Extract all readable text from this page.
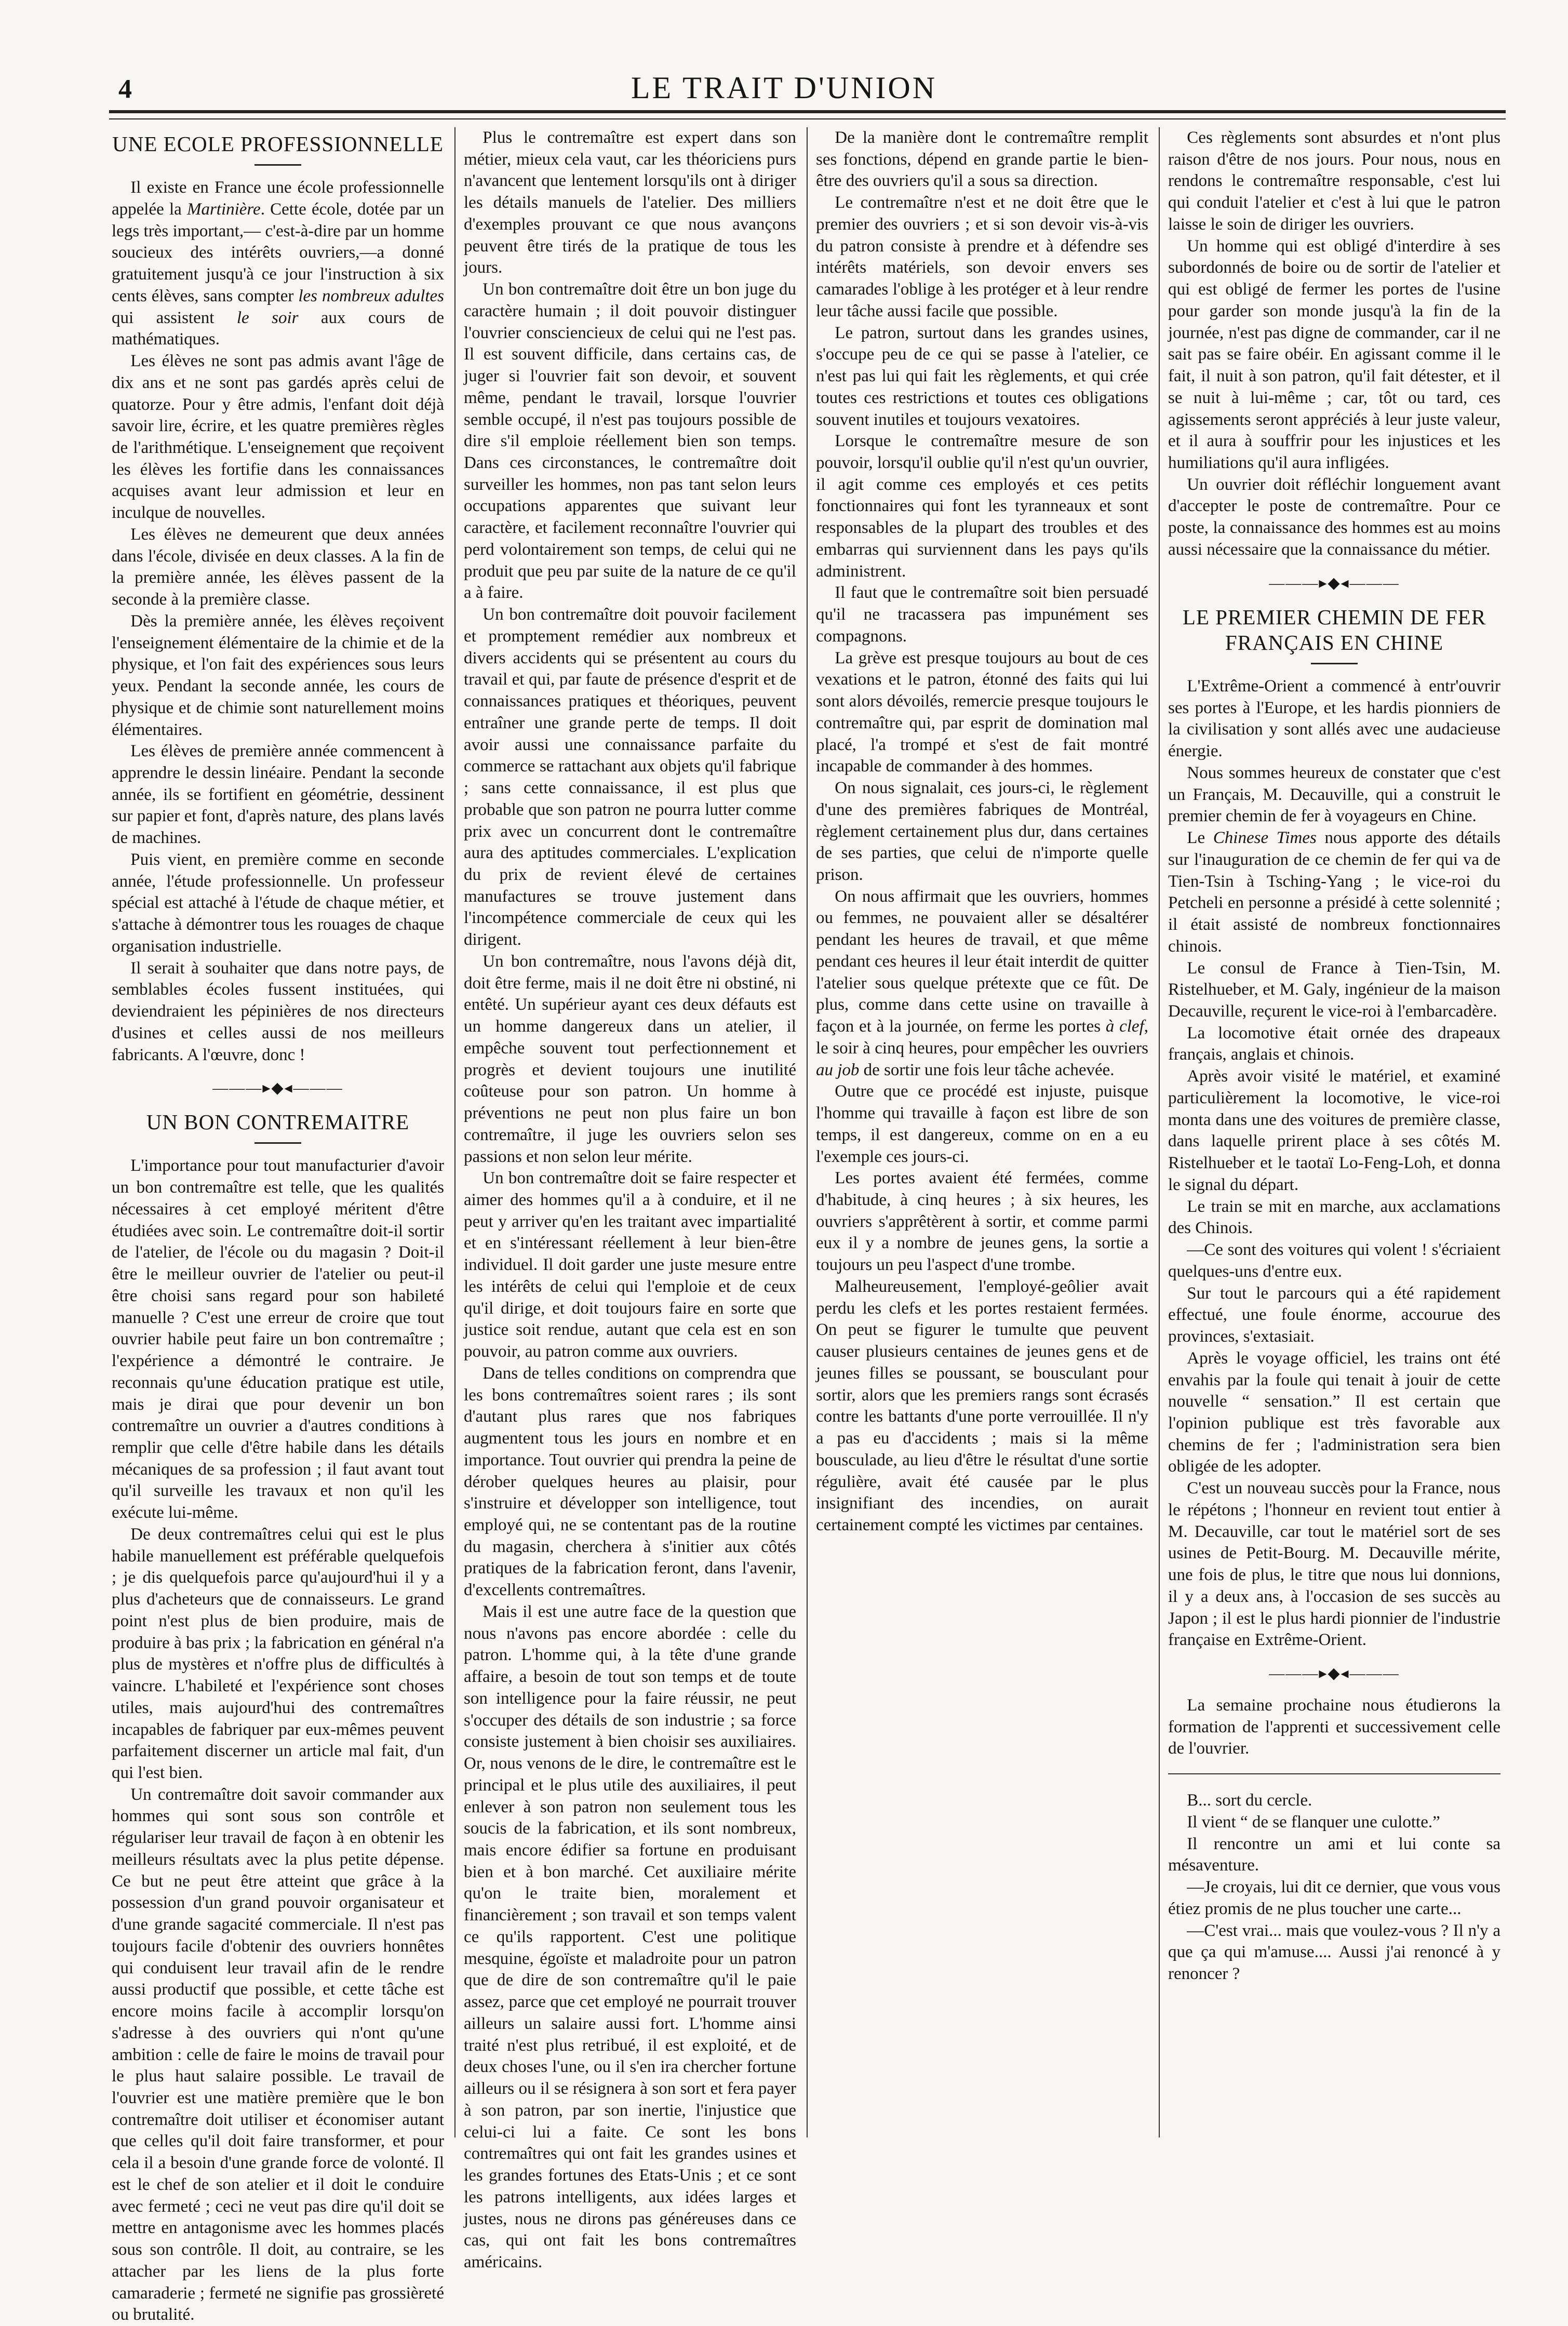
4	LE TRAIT D'UNION
UNE ECOLE PROFESSIONNELLE

Il existe en France une école professionnelle appelée la Martinière. Cette école, dotée par un legs très important,— c'est-à-dire par un homme soucieux des intérêts ouvriers,—a donné gratuitement jusqu'à ce jour l'instruction à six cents élèves, sans compter les nombreux adultes qui assistent le soir aux cours de mathématiques.

Les élèves ne sont pas admis avant l'âge de dix ans et ne sont pas gardés après celui de quatorze. Pour y être admis, l'enfant doit déjà savoir lire, écrire, et les quatre premières règles de l'arithmétique. L'enseignement que reçoivent les élèves les fortifie dans les connaissances acquises avant leur admission et leur en inculque de nouvelles.

Les élèves ne demeurent que deux années dans l'école, divisée en deux classes. A la fin de la première année, les élèves passent de la seconde à la première classe.

Dès la première année, les élèves reçoivent l'enseignement élémentaire de la chimie et de la physique, et l'on fait des expériences sous leurs yeux. Pendant la seconde année, les cours de physique et de chimie sont naturellement moins élémentaires.

Les élèves de première année commencent à apprendre le dessin linéaire. Pendant la seconde année, ils se fortifient en géométrie, dessinent sur papier et font, d'après nature, des plans lavés de machines.

Puis vient, en première comme en seconde année, l'étude professionnelle. Un professeur spécial est attaché à l'étude de chaque métier, et s'attache à démontrer tous les rouages de chaque organisation industrielle.

Il serait à souhaiter que dans notre pays, de semblables écoles fussent instituées, qui deviendraient les pépinières de nos directeurs d'usines et celles aussi de nos meilleurs fabricants. A l'œuvre, donc !

———▸◆◂———
UN BON CONTREMAITRE

L'importance pour tout manufacturier d'avoir un bon contremaître est telle, que les qualités nécessaires à cet employé méritent d'être étudiées avec soin. Le contremaître doit-il sortir de l'atelier, de l'école ou du magasin ? Doit-il être le meilleur ouvrier de l'atelier ou peut-il être choisi sans regard pour son habileté manuelle ? C'est une erreur de croire que tout ouvrier habile peut faire un bon contremaître ; l'expérience a démontré le contraire. Je reconnais qu'une éducation pratique est utile, mais je dirai que pour devenir un bon contremaître un ouvrier a d'autres conditions à remplir que celle d'être habile dans les détails mécaniques de sa profession ; il faut avant tout qu'il surveille les travaux et non qu'il les exécute lui-même.

De deux contremaîtres celui qui est le plus habile manuellement est préférable quelquefois ; je dis quelquefois parce qu'aujourd'hui il y a plus d'acheteurs que de connaisseurs. Le grand point n'est plus de bien produire, mais de produire à bas prix ; la fabrication en général n'a plus de mystères et n'offre plus de difficultés à vaincre. L'habileté et l'expérience sont choses utiles, mais aujourd'hui des contremaîtres incapables de fabriquer par eux-mêmes peuvent parfaitement discerner un article mal fait, d'un qui l'est bien.

Un contremaître doit savoir commander aux hommes qui sont sous son contrôle et régulariser leur travail de façon à en obtenir les meilleurs résultats avec la plus petite dépense. Ce but ne peut être atteint que grâce à la possession d'un grand pouvoir organisateur et d'une grande sagacité commerciale. Il n'est pas toujours facile d'obtenir des ouvriers honnêtes qui conduisent leur travail afin de le rendre aussi productif que possible, et cette tâche est encore moins facile à accomplir lorsqu'on s'adresse à des ouvriers qui n'ont qu'une ambition : celle de faire le moins de travail pour le plus haut salaire possible. Le travail de l'ouvrier est une matière première que le bon contremaître doit utiliser et économiser autant que celles qu'il doit faire transformer, et pour cela il a besoin d'une grande force de volonté. Il est le chef de son atelier et il doit le conduire avec fermeté ; ceci ne veut pas dire qu'il doit se mettre en antagonisme avec les hommes placés sous son contrôle. Il doit, au contraire, se les attacher par les liens de la plus forte camaraderie ; fermeté ne signifie pas grossièreté ou brutalité.

Plus le contremaître est expert dans son métier, mieux cela vaut, car les théoriciens purs n'avancent que lentement lorsqu'ils ont à diriger les détails manuels de l'atelier. Des milliers d'exemples prouvant ce que nous avançons peuvent être tirés de la pratique de tous les jours.

Un bon contremaître doit être un bon juge du caractère humain ; il doit pouvoir distinguer l'ouvrier consciencieux de celui qui ne l'est pas. Il est souvent difficile, dans certains cas, de juger si l'ouvrier fait son devoir, et souvent même, pendant le travail, lorsque l'ouvrier semble occupé, il n'est pas toujours possible de dire s'il emploie réellement bien son temps. Dans ces circonstances, le contremaître doit surveiller les hommes, non pas tant selon leurs occupations apparentes que suivant leur caractère, et facilement reconnaître l'ouvrier qui perd volontairement son temps, de celui qui ne produit que peu par suite de la nature de ce qu'il a à faire.

Un bon contremaître doit pouvoir facilement et promptement remédier aux nombreux et divers accidents qui se présentent au cours du travail et qui, par faute de présence d'esprit et de connaissances pratiques et théoriques, peuvent entraîner une grande perte de temps. Il doit avoir aussi une connaissance parfaite du commerce se rattachant aux objets qu'il fabrique ; sans cette connaissance, il est plus que probable que son patron ne pourra lutter comme prix avec un concurrent dont le contremaître aura des aptitudes commerciales. L'explication du prix de revient élevé de certaines manufactures se trouve justement dans l'incompétence commerciale de ceux qui les dirigent.

Un bon contremaître, nous l'avons déjà dit, doit être ferme, mais il ne doit être ni obstiné, ni entêté. Un supérieur ayant ces deux défauts est un homme dangereux dans un atelier, il empêche souvent tout perfectionnement et progrès et devient toujours une inutilité coûteuse pour son patron. Un homme à préventions ne peut non plus faire un bon contremaître, il juge les ouvriers selon ses passions et non selon leur mérite.

Un bon contremaître doit se faire respecter et aimer des hommes qu'il a à conduire, et il ne peut y arriver qu'en les traitant avec impartialité et en s'intéressant réellement à leur bien-être individuel. Il doit garder une juste mesure entre les intérêts de celui qui l'emploie et de ceux qu'il dirige, et doit toujours faire en sorte que justice soit rendue, autant que cela est en son pouvoir, au patron comme aux ouvriers.

Dans de telles conditions on comprendra que les bons contremaîtres soient rares ; ils sont d'autant plus rares que nos fabriques augmentent tous les jours en nombre et en importance. Tout ouvrier qui prendra la peine de dérober quelques heures au plaisir, pour s'instruire et développer son intelligence, tout employé qui, ne se contentant pas de la routine du magasin, cherchera à s'initier aux côtés pratiques de la fabrication feront, dans l'avenir, d'excellents contremaîtres.

Mais il est une autre face de la question que nous n'avons pas encore abordée : celle du patron. L'homme qui, à la tête d'une grande affaire, a besoin de tout son temps et de toute son intelligence pour la faire réussir, ne peut s'occuper des détails de son industrie ; sa force consiste justement à bien choisir ses auxiliaires. Or, nous venons de le dire, le contremaître est le principal et le plus utile des auxiliaires, il peut enlever à son patron non seulement tous les soucis de la fabrication, et ils sont nombreux, mais encore édifier sa fortune en produisant bien et à bon marché. Cet auxiliaire mérite qu'on le traite bien, moralement et financièrement ; son travail et son temps valent ce qu'ils rapportent. C'est une politique mesquine, égoïste et maladroite pour un patron que de dire de son contremaître qu'il le paie assez, parce que cet employé ne pourrait trouver ailleurs un salaire aussi fort. L'homme ainsi traité n'est plus retribué, il est exploité, et de deux choses l'une, ou il s'en ira chercher fortune ailleurs ou il se résignera à son sort et fera payer à son patron, par son inertie, l'injustice que celui-ci lui a faite. Ce sont les bons contremaîtres qui ont fait les grandes usines et les grandes fortunes des Etats-Unis ; et ce sont les patrons intelligents, aux idées larges et justes, nous ne dirons pas généreuses dans ce cas, qui ont fait les bons contremaîtres américains.

De la manière dont le contremaître remplit ses fonctions, dépend en grande partie le bien-être des ouvriers qu'il a sous sa direction.

Le contremaître n'est et ne doit être que le premier des ouvriers ; et si son devoir vis-à-vis du patron consiste à prendre et à défendre ses intérêts matériels, son devoir envers ses camarades l'oblige à les protéger et à leur rendre leur tâche aussi facile que possible.

Le patron, surtout dans les grandes usines, s'occupe peu de ce qui se passe à l'atelier, ce n'est pas lui qui fait les règlements, et qui crée toutes ces restrictions et toutes ces obligations souvent inutiles et toujours vexatoires.

Lorsque le contremaître mesure de son pouvoir, lorsqu'il oublie qu'il n'est qu'un ouvrier, il agit comme ces employés et ces petits fonctionnaires qui font les tyranneaux et sont responsables de la plupart des troubles et des embarras qui surviennent dans les pays qu'ils administrent.

Il faut que le contremaître soit bien persuadé qu'il ne tracassera pas impunément ses compagnons.

La grève est presque toujours au bout de ces vexations et le patron, étonné des faits qui lui sont alors dévoilés, remercie presque toujours le contremaître qui, par esprit de domination mal placé, l'a trompé et s'est de fait montré incapable de commander à des hommes.

On nous signalait, ces jours-ci, le règlement d'une des premières fabriques de Montréal, règlement certainement plus dur, dans certaines de ses parties, que celui de n'importe quelle prison.

On nous affirmait que les ouvriers, hommes ou femmes, ne pouvaient aller se désaltérer pendant les heures de travail, et que même pendant ces heures il leur était interdit de quitter l'atelier sous quelque prétexte que ce fût. De plus, comme dans cette usine on travaille à façon et à la journée, on ferme les portes à clef, le soir à cinq heures, pour empêcher les ouvriers au job de sortir une fois leur tâche achevée.

Outre que ce procédé est injuste, puisque l'homme qui travaille à façon est libre de son temps, il est dangereux, comme on en a eu l'exemple ces jours-ci.

Les portes avaient été fermées, comme d'habitude, à cinq heures ; à six heures, les ouvriers s'apprêtèrent à sortir, et comme parmi eux il y a nombre de jeunes gens, la sortie a toujours un peu l'aspect d'une trombe.

Malheureusement, l'employé-geôlier avait perdu les clefs et les portes restaient fermées. On peut se figurer le tumulte que peuvent causer plusieurs centaines de jeunes gens et de jeunes filles se poussant, se bousculant pour sortir, alors que les premiers rangs sont écrasés contre les battants d'une porte verrouillée. Il n'y a pas eu d'accidents ; mais si la même bousculade, au lieu d'être le résultat d'une sortie régulière, avait été causée par le plus insignifiant des incendies, on aurait certainement compté les victimes par centaines.

Ces règlements sont absurdes et n'ont plus raison d'être de nos jours. Pour nous, nous en rendons le contremaître responsable, c'est lui qui conduit l'atelier et c'est à lui que le patron laisse le soin de diriger les ouvriers.

Un homme qui est obligé d'interdire à ses subordonnés de boire ou de sortir de l'atelier et qui est obligé de fermer les portes de l'usine pour garder son monde jusqu'à la fin de la journée, n'est pas digne de commander, car il ne sait pas se faire obéir. En agissant comme il le fait, il nuit à son patron, qu'il fait détester, et il se nuit à lui-même ; car, tôt ou tard, ces agissements seront appréciés à leur juste valeur, et il aura à souffrir pour les injustices et les humiliations qu'il aura infligées.

Un ouvrier doit réfléchir longuement avant d'accepter le poste de contremaître. Pour ce poste, la connaissance des hommes est au moins aussi nécessaire que la connaissance du métier.

———▸◆◂———
LE PREMIER CHEMIN DE FER FRANÇAIS EN CHINE

L'Extrême-Orient a commencé à entr'ouvrir ses portes à l'Europe, et les hardis pionniers de la civilisation y sont allés avec une audacieuse énergie.

Nous sommes heureux de constater que c'est un Français, M. Decauville, qui a construit le premier chemin de fer à voyageurs en Chine.

Le Chinese Times nous apporte des détails sur l'inauguration de ce chemin de fer qui va de Tien-Tsin à Tsching-Yang ; le vice-roi du Petcheli en personne a présidé à cette solennité ; il était assisté de nombreux fonctionnaires chinois.

Le consul de France à Tien-Tsin, M. Ristelhueber, et M. Galy, ingénieur de la maison Decauville, reçurent le vice-roi à l'embarcadère.

La locomotive était ornée des drapeaux français, anglais et chinois.

Après avoir visité le matériel, et examiné particulièrement la locomotive, le vice-roi monta dans une des voitures de première classe, dans laquelle prirent place à ses côtés M. Ristelhueber et le taotaï Lo-Feng-Loh, et donna le signal du départ.

Le train se mit en marche, aux acclamations des Chinois.

—Ce sont des voitures qui volent ! s'écriaient quelques-uns d'entre eux.

Sur tout le parcours qui a été rapidement effectué, une foule énorme, accourue des provinces, s'extasiait.

Après le voyage officiel, les trains ont été envahis par la foule qui tenait à jouir de cette nouvelle “ sensation.” Il est certain que l'opinion publique est très favorable aux chemins de fer ; l'administration sera bien obligée de les adopter.

C'est un nouveau succès pour la France, nous le répétons ; l'honneur en revient tout entier à M. Decauville, car tout le matériel sort de ses usines de Petit-Bourg. M. Decauville mérite, une fois de plus, le titre que nous lui donnions, il y a deux ans, à l'occasion de ses succès au Japon ; il est le plus hardi pionnier de l'industrie française en Extrême-Orient.

———▸◆◂———

La semaine prochaine nous étudierons la formation de l'apprenti et successivement celle de l'ouvrier.

B... sort du cercle.

Il vient “ de se flanquer une culotte.”

Il rencontre un ami et lui conte sa mésaventure.

—Je croyais, lui dit ce dernier, que vous vous étiez promis de ne plus toucher une carte...

—C'est vrai... mais que voulez-vous ? Il n'y a que ça qui m'amuse.... Aussi j'ai renoncé à y renoncer ?
